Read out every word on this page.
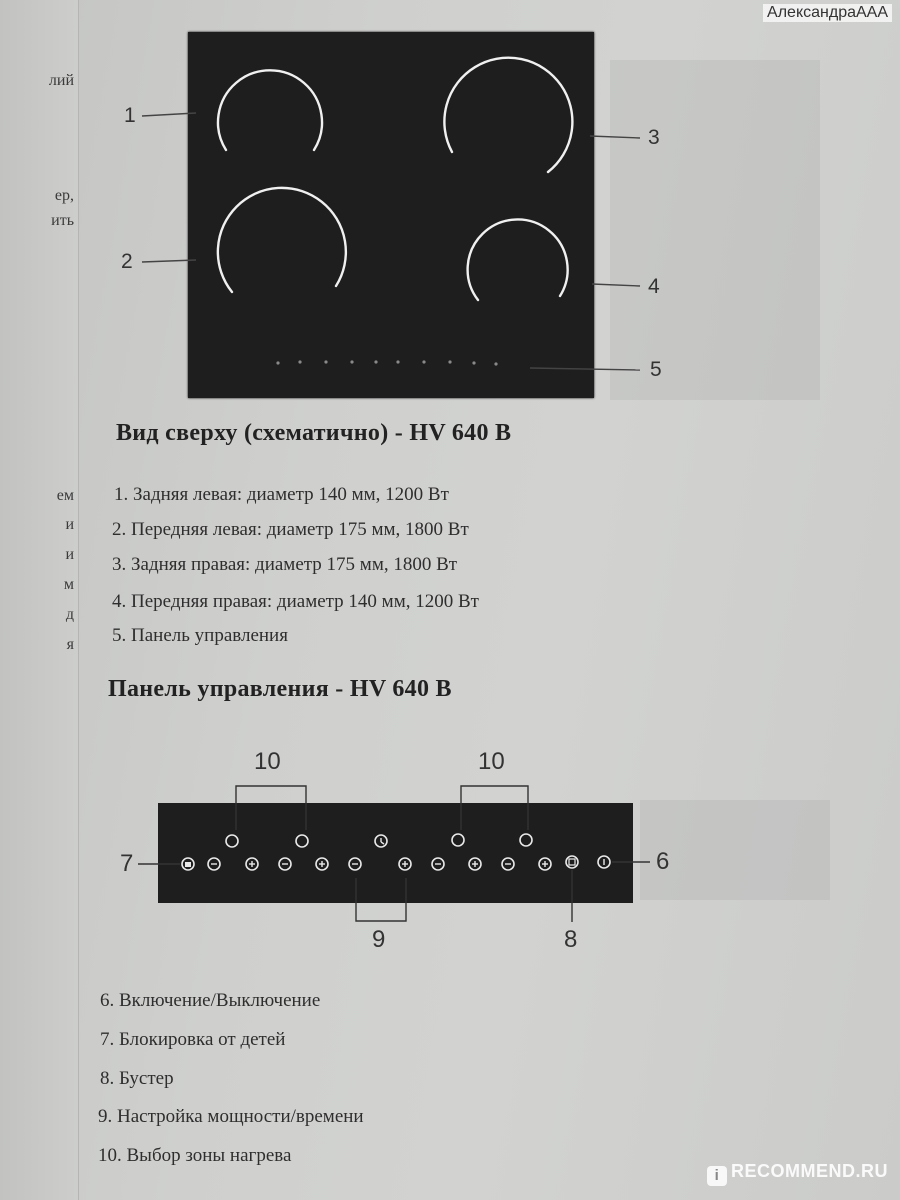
лий
ер,
ить
ем
и
и
м
д
я
АлександраААА
1
2
3
4
5
Вид сверху (схематично) - HV 640 B
1. Задняя левая: диаметр 140 мм, 1200 Вт
2. Передняя левая: диаметр 175 мм, 1800 Вт
3. Задняя правая: диаметр 175 мм, 1800 Вт
4. Передняя правая: диаметр 140 мм, 1200 Вт
5. Панель управления
Панель управления - HV 640 B
10	10
7	6
9	8
6. Включение/Выключение
7. Блокировка от детей
8. Бустер
9. Настройка мощности/времени
10. Выбор зоны нагрева
i RECOMMEND.RU
